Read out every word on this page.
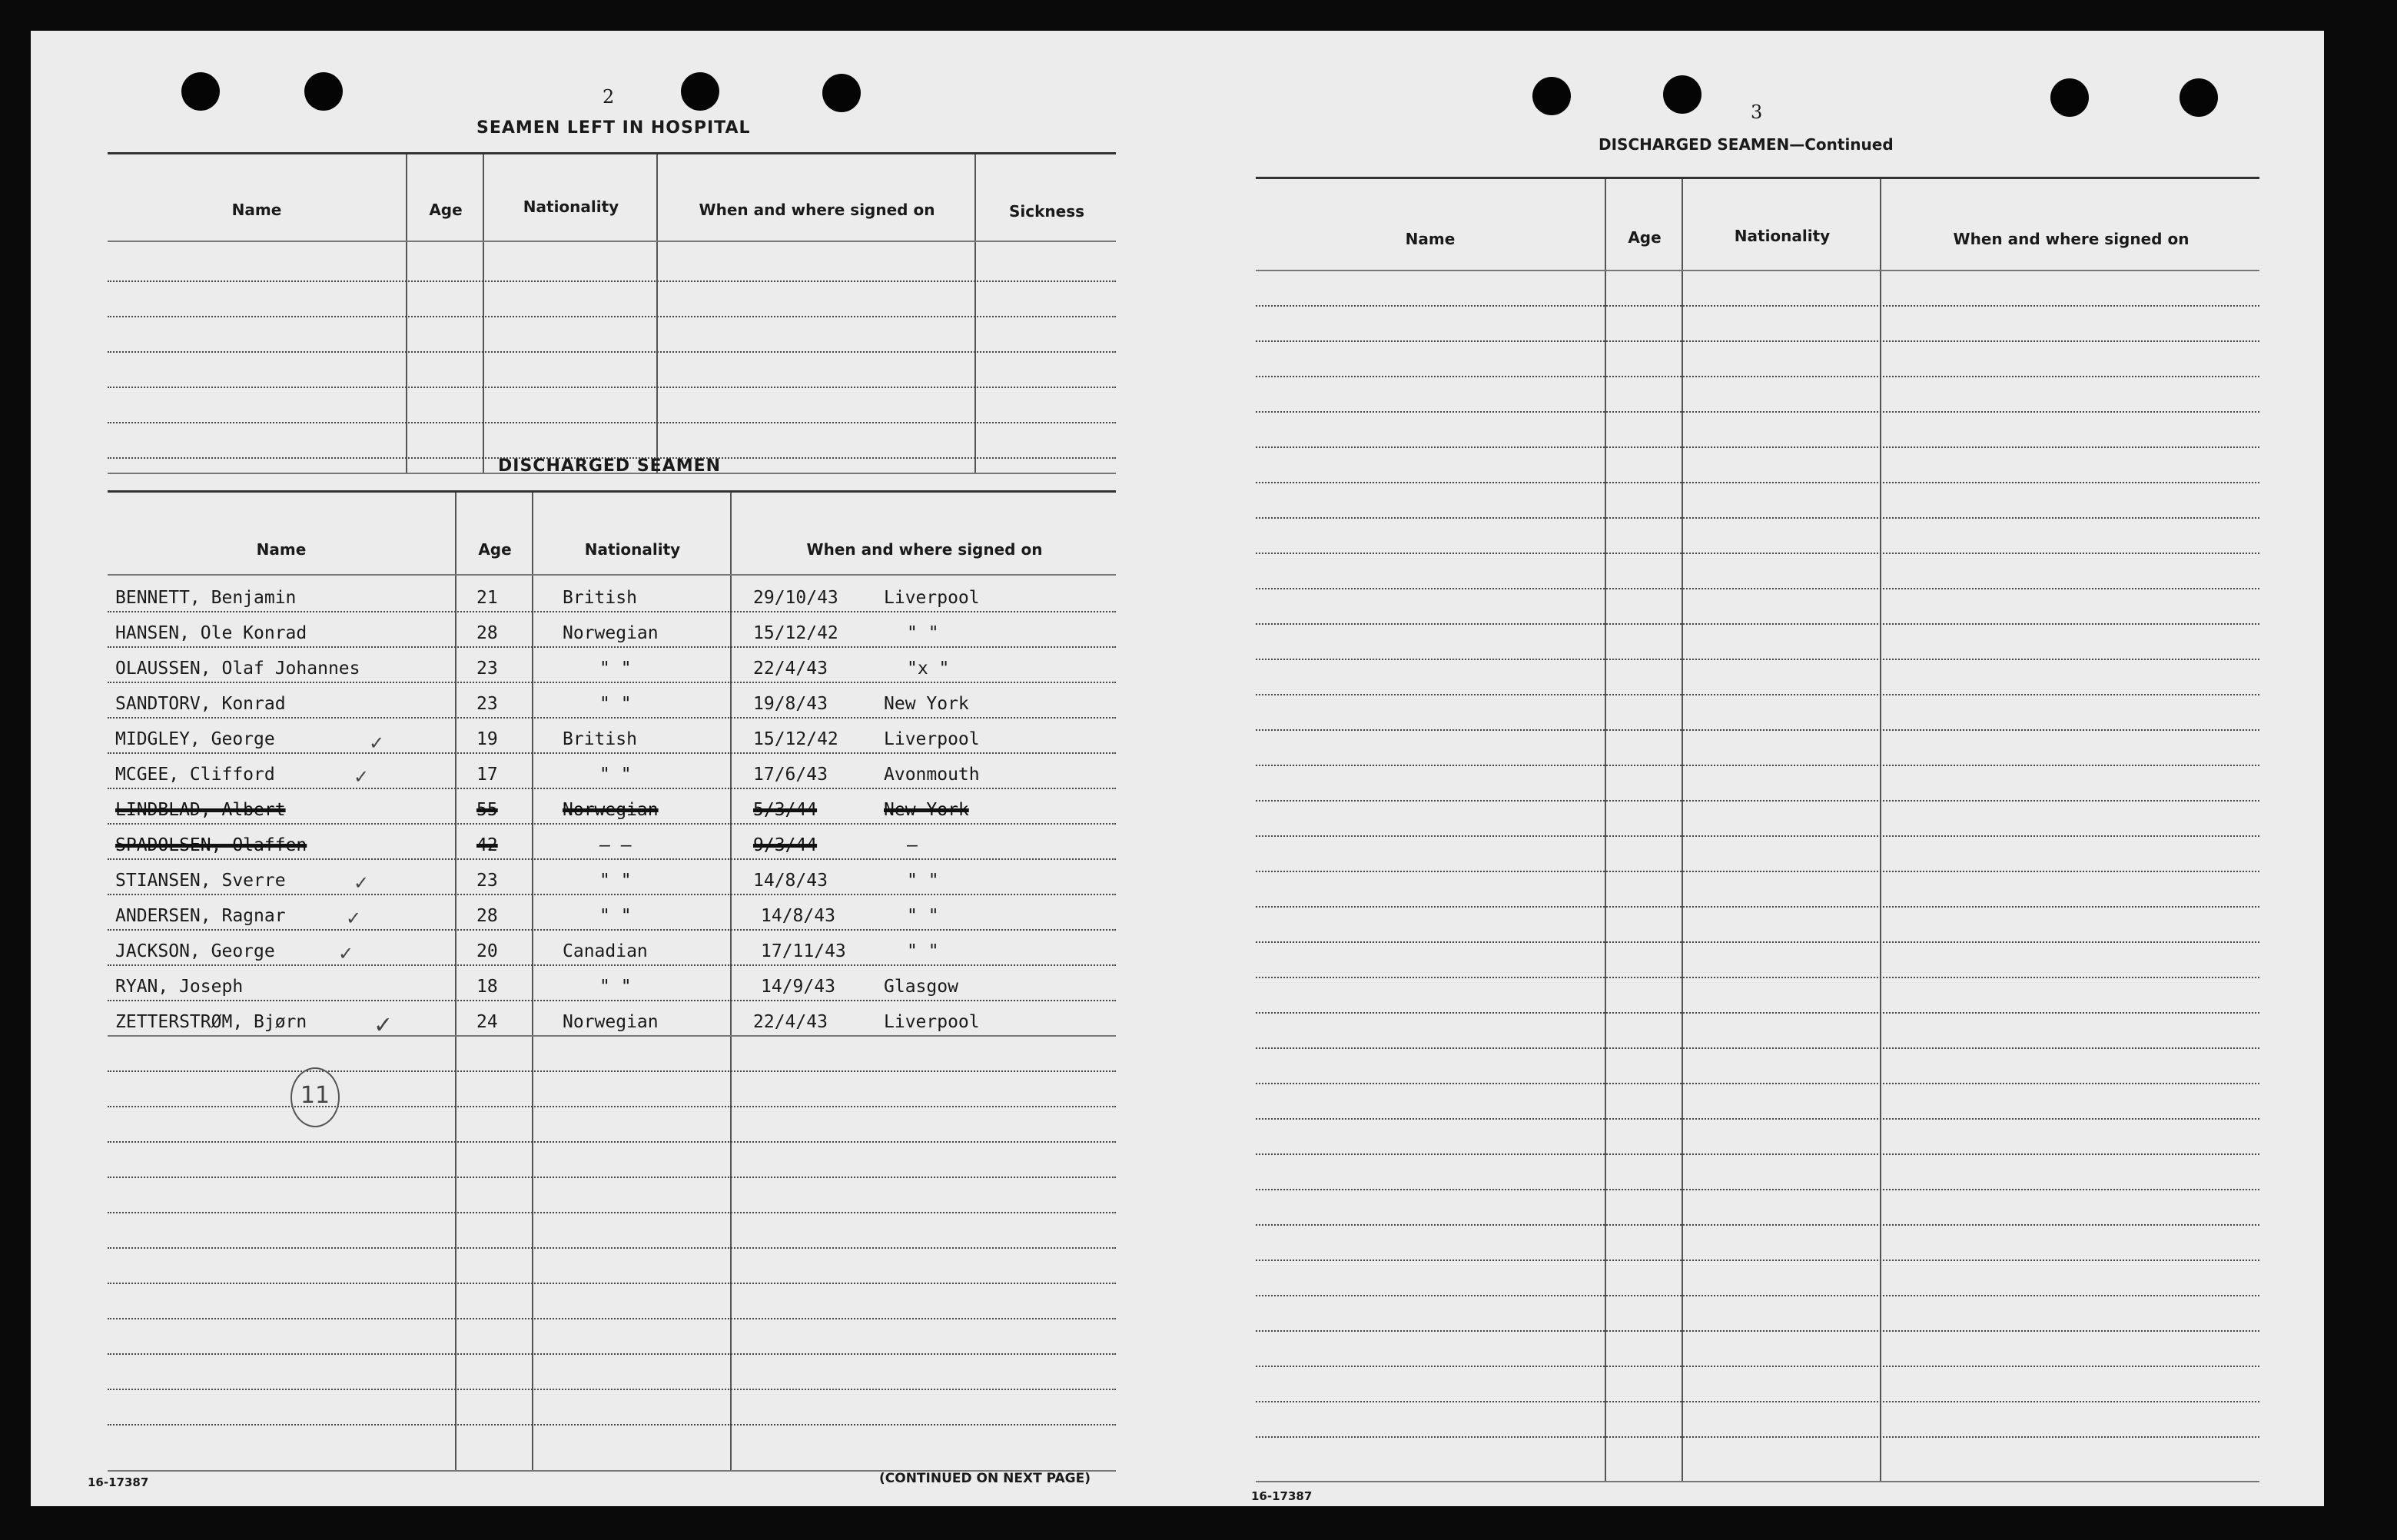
2
SEAMEN LEFT IN HOSPITAL
Name	Age	Nationality	When and where signed on	Sickness
DISCHARGED SEAMEN
Name	Age	Nationality	When and where signed on
BENNETT, Benjamin	21	British	29/10/43	Liverpool
HANSEN, Ole Konrad	28	Norwegian	15/12/42	" "
OLAUSSEN, Olaf Johannes	23	" "	22/4/43	"x "
SANDTORV, Konrad	23	" "	19/8/43	New York
MIDGLEY, George	19	British	15/12/42	Liverpool
MCGEE, Clifford	17	" "	17/6/43	Avonmouth
LINDBLAD, Albert	55	Norwegian	5/3/44	New York
SPADOLSEN, Olaffen	42	— —	9/3/44	—
STIANSEN, Sverre	23	" "	14/8/43	" "
ANDERSEN, Ragnar	28	" "	14/8/43	" "
JACKSON, George	20	Canadian	17/11/43	" "
RYAN, Joseph	18	" "	14/9/43	Glasgow
ZETTERSTRØM, Bjørn	24	Norwegian	22/4/43	Liverpool
✓
✓
✓
✓
✓
✓
11
16-17387	(CONTINUED ON NEXT PAGE)
3
DISCHARGED SEAMEN—Continued
Name	Age	Nationality	When and where signed on
16-17387
